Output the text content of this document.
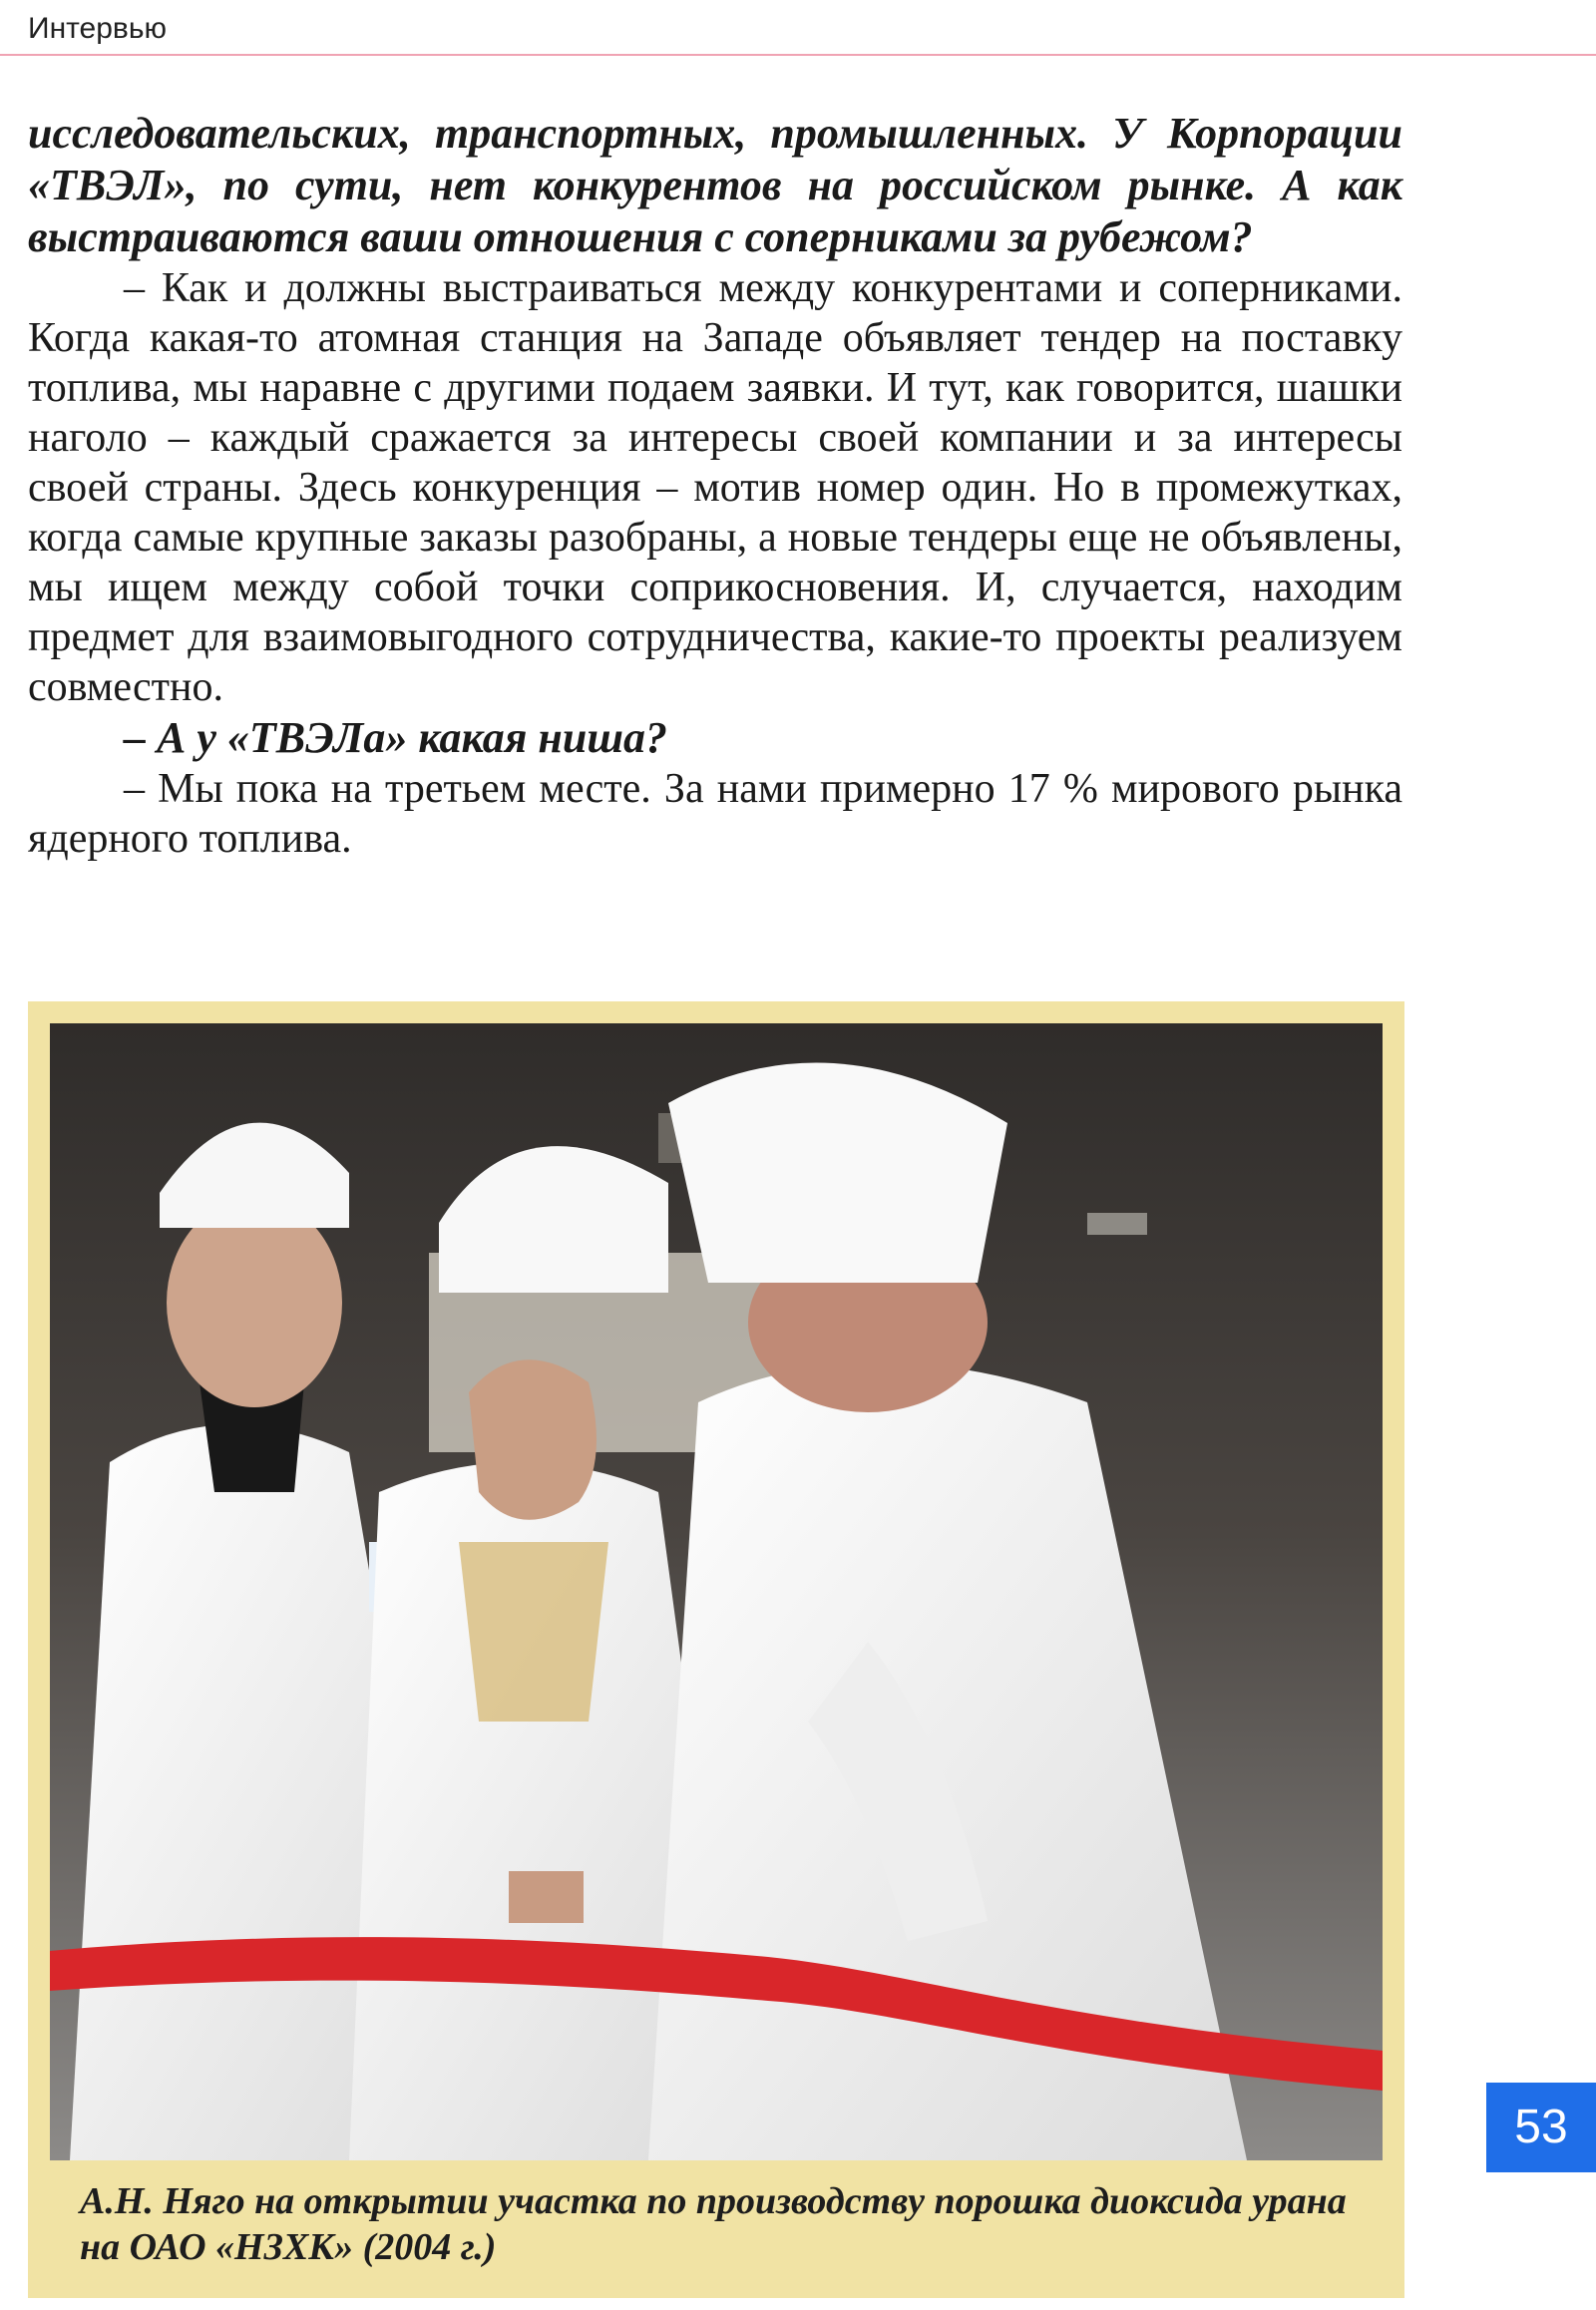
Интервью

исследовательских, транспортных, промышленных. У Корпорации «ТВЭЛ», по сути, нет конкурентов на российском рынке. А как выстраиваются ваши отношения с соперниками за рубежом?

– Как и должны выстраиваться между конкурентами и соперниками. Когда какая-то атомная станция на Западе объявляет тендер на поставку топлива, мы наравне с другими подаем заявки. И тут, как говорится, шашки наголо – каждый сражается за интересы своей компании и за интересы своей страны. Здесь конкуренция – мотив номер один. Но в промежутках, когда самые крупные заказы разобраны, а новые тендеры еще не объявлены, мы ищем между собой точки соприкосновения. И, случается, находим предмет для взаимовыгодного сотрудничества, какие-то проекты реализуем совместно.

– А у «ТВЭЛа» какая ниша?

– Мы пока на третьем месте. За нами примерно 17 % мирового рынка ядерного топлива.

А.Н. Няго на открытии участка по производству порошка диоксида урана на ОАО «НЗХК» (2004 г.)
53
